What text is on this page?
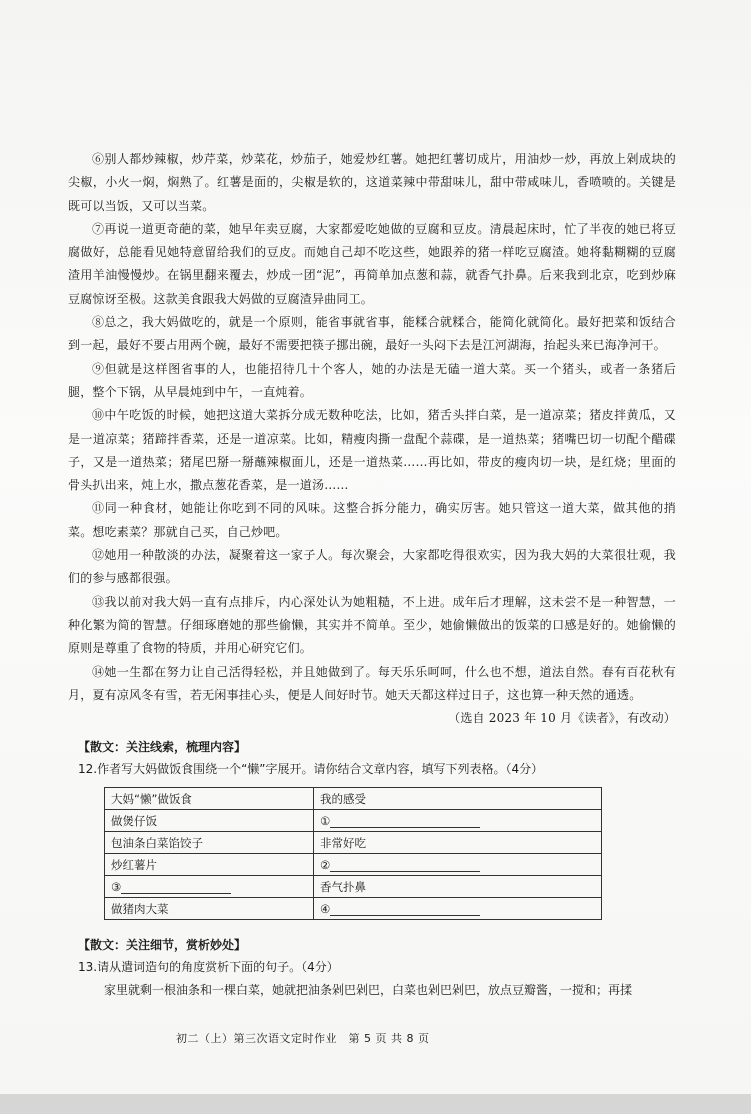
⑥别人都炒辣椒，炒芹菜，炒菜花，炒茄子，她爱炒红薯。她把红薯切成片，用油炒一炒，再放上剁成块的尖椒，小火一焖，焖熟了。红薯是面的，尖椒是软的，这道菜辣中带甜味儿，甜中带咸味儿，香喷喷的。关键是既可以当饭，又可以当菜。

⑦再说一道更奇葩的菜，她早年卖豆腐，大家都爱吃她做的豆腐和豆皮。清晨起床时，忙了半夜的她已将豆腐做好，总能看见她特意留给我们的豆皮。而她自己却不吃这些，她跟养的猪一样吃豆腐渣。她将黏糊糊的豆腐渣用羊油慢慢炒。在锅里翻来覆去，炒成一团“泥”，再简单加点葱和蒜，就香气扑鼻。后来我到北京，吃到炒麻豆腐惊讶至极。这款美食跟我大妈做的豆腐渣异曲同工。

⑧总之，我大妈做吃的，就是一个原则，能省事就省事，能糅合就糅合，能简化就简化。最好把菜和饭结合到一起，最好不要占用两个碗，最好不需要把筷子挪出碗，最好一头闷下去是江河湖海，抬起头来已海净河干。

⑨但就是这样图省事的人，也能招待几十个客人，她的办法是无磕一道大菜。买一个猪头，或者一条猪后腿，整个下锅，从早晨炖到中午，一直炖着。

⑩中午吃饭的时候，她把这道大菜拆分成无数种吃法，比如，猪舌头拌白菜，是一道凉菜；猪皮拌黄瓜，又是一道凉菜；猪蹄拌香菜，还是一道凉菜。比如，精瘦肉撕一盘配个蒜碟，是一道热菜；猪嘴巴切一切配个醋碟子，又是一道热菜；猪尾巴掰一掰蘸辣椒面儿，还是一道热菜……再比如，带皮的瘦肉切一块，是红烧；里面的骨头扒出来，炖上水，撒点葱花香菜，是一道汤……

⑪同一种食材，她能让你吃到不同的风味。这整合拆分能力，确实厉害。她只管这一道大菜，做其他的捎菜。想吃素菜？那就自己买，自己炒吧。

⑫她用一种散淡的办法，凝聚着这一家子人。每次聚会，大家都吃得很欢实，因为我大妈的大菜很壮观，我们的参与感都很强。

⑬我以前对我大妈一直有点排斥，内心深处认为她粗糙，不上进。成年后才理解，这未尝不是一种智慧，一种化繁为简的智慧。仔细琢磨她的那些偷懒，其实并不简单。至少，她偷懒做出的饭菜的口感是好的。她偷懒的原则是尊重了食物的特质，并用心研究它们。

⑭她一生都在努力让自己活得轻松，并且她做到了。每天乐乐呵呵，什么也不想，道法自然。春有百花秋有月，夏有凉风冬有雪，若无闲事挂心头，便是人间好时节。她天天都这样过日子，这也算一种天然的通透。

（选自 2023 年 10 月《读者》，有改动）

【散文：关注线索，梳理内容】
12.作者写大妈做饭食围绕一个“懒”字展开。请你结合文章内容，填写下列表格。（4分）
大妈“懒”做饭食	我的感受
做煲仔饭	①
包油条白菜馅饺子	非常好吃
炒红薯片	②
③	香气扑鼻
做猪肉大菜	④
【散文：关注细节，赏析妙处】
13.请从遣词造句的角度赏析下面的句子。（4分）
家里就剩一根油条和一棵白菜，她就把油条剁巴剁巴，白菜也剁巴剁巴，放点豆瓣酱，一搅和；再揉
初二（上）第三次语文定时作业　第 5 页 共 8 页
